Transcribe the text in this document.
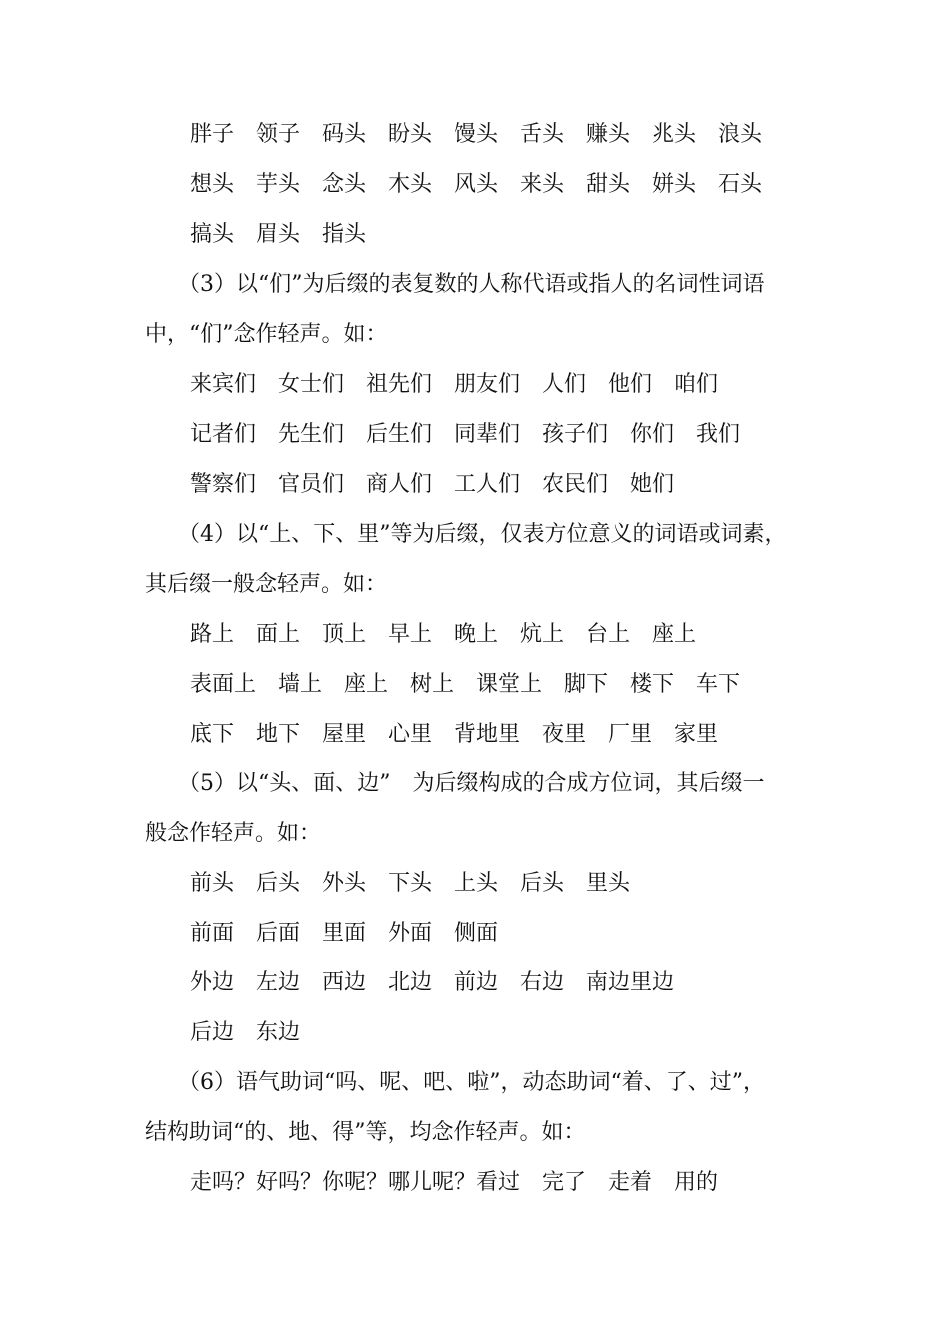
胖子　领子　码头　盼头　馒头　舌头　赚头　兆头　浪头
想头　芋头　念头　木头　风头　来头　甜头　姘头　石头
搞头　眉头　指头
（3）以“们”为后缀的表复数的人称代语或指人的名词性词语
中，“们”念作轻声。如：
来宾们　女士们　祖先们　朋友们　人们　他们　咱们
记者们　先生们　后生们　同辈们　孩子们　你们　我们
警察们　官员们　商人们　工人们　农民们　她们
（4）以“上、下、里”等为后缀，仅表方位意义的词语或词素，
其后缀一般念轻声。如：
路上　面上　顶上　早上　晚上　炕上　台上　座上
表面上　墙上　座上　树上　课堂上　脚下　楼下　车下
底下　地下　屋里　心里　背地里　夜里　厂里　家里
（5）以“头、面、边”　为后缀构成的合成方位词，其后缀一
般念作轻声。如：
前头　后头　外头　下头　上头　后头　里头
前面　后面　里面　外面　侧面
外边　左边　西边　北边　前边　右边　南边里边
后边　东边
（6）语气助词“吗、呢、吧、啦”，动态助词“着、了、过”，
结构助词“的、地、得”等，均念作轻声。如：
走吗？好吗？你呢？哪儿呢？看过　完了　走着　用的
